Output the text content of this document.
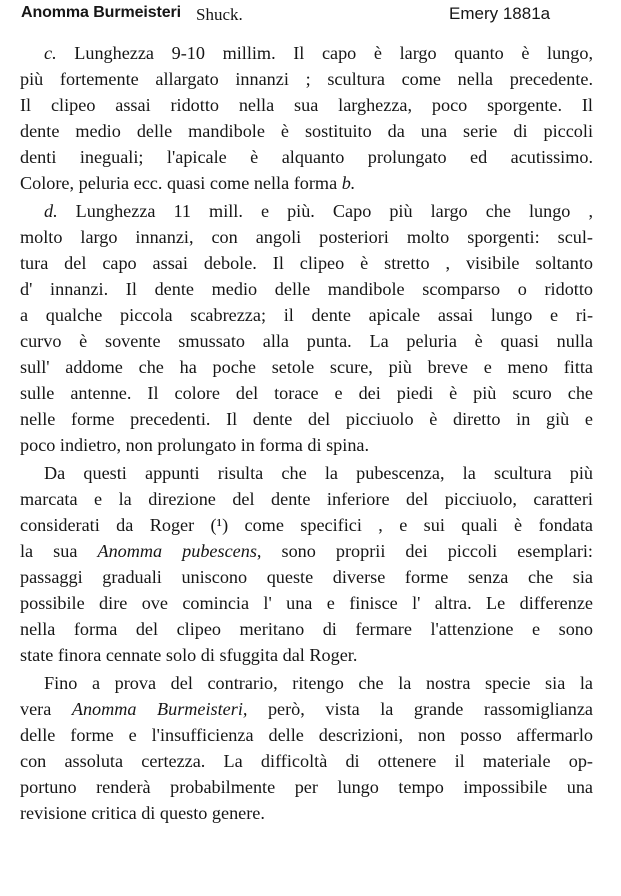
Anomma Burmeisteri Shuck.	Emery 1881a
c. Lunghezza 9-10 millim. Il capo è largo quanto è lungo,
più fortemente allargato innanzi ; scultura come nella precedente.
Il clipeo assai ridotto nella sua larghezza, poco sporgente. Il
dente medio delle mandibole è sostituito da una serie di piccoli
denti ineguali; l'apicale è alquanto prolungato ed acutissimo.
Colore, peluria ecc. quasi come nella forma b.
d. Lunghezza 11 mill. e più. Capo più largo che lungo ,
molto largo innanzi, con angoli posteriori molto sporgenti: scul-
tura del capo assai debole. Il clipeo è stretto , visibile soltanto
d' innanzi. Il dente medio delle mandibole scomparso o ridotto
a qualche piccola scabrezza; il dente apicale assai lungo e ri-
curvo è sovente smussato alla punta. La peluria è quasi nulla
sull' addome che ha poche setole scure, più breve e meno fitta
sulle antenne. Il colore del torace e dei piedi è più scuro che
nelle forme precedenti. Il dente del picciuolo è diretto in giù e
poco indietro, non prolungato in forma di spina.
Da questi appunti risulta che la pubescenza, la scultura più
marcata e la direzione del dente inferiore del picciuolo, caratteri
considerati da Roger (¹) come specifici , e sui quali è fondata
la sua Anomma pubescens, sono proprii dei piccoli esemplari:
passaggi graduali uniscono queste diverse forme senza che sia
possibile dire ove comincia l' una e finisce l' altra. Le differenze
nella forma del clipeo meritano di fermare l'attenzione e sono
state finora cennate solo di sfuggita dal Roger.
Fino a prova del contrario, ritengo che la nostra specie sia la
vera Anomma Burmeisteri, però, vista la grande rassomiglianza
delle forme e l'insufficienza delle descrizioni, non posso affermarlo
con assoluta certezza. La difficoltà di ottenere il materiale op-
portuno renderà probabilmente per lungo tempo impossibile una
revisione critica di questo genere.
